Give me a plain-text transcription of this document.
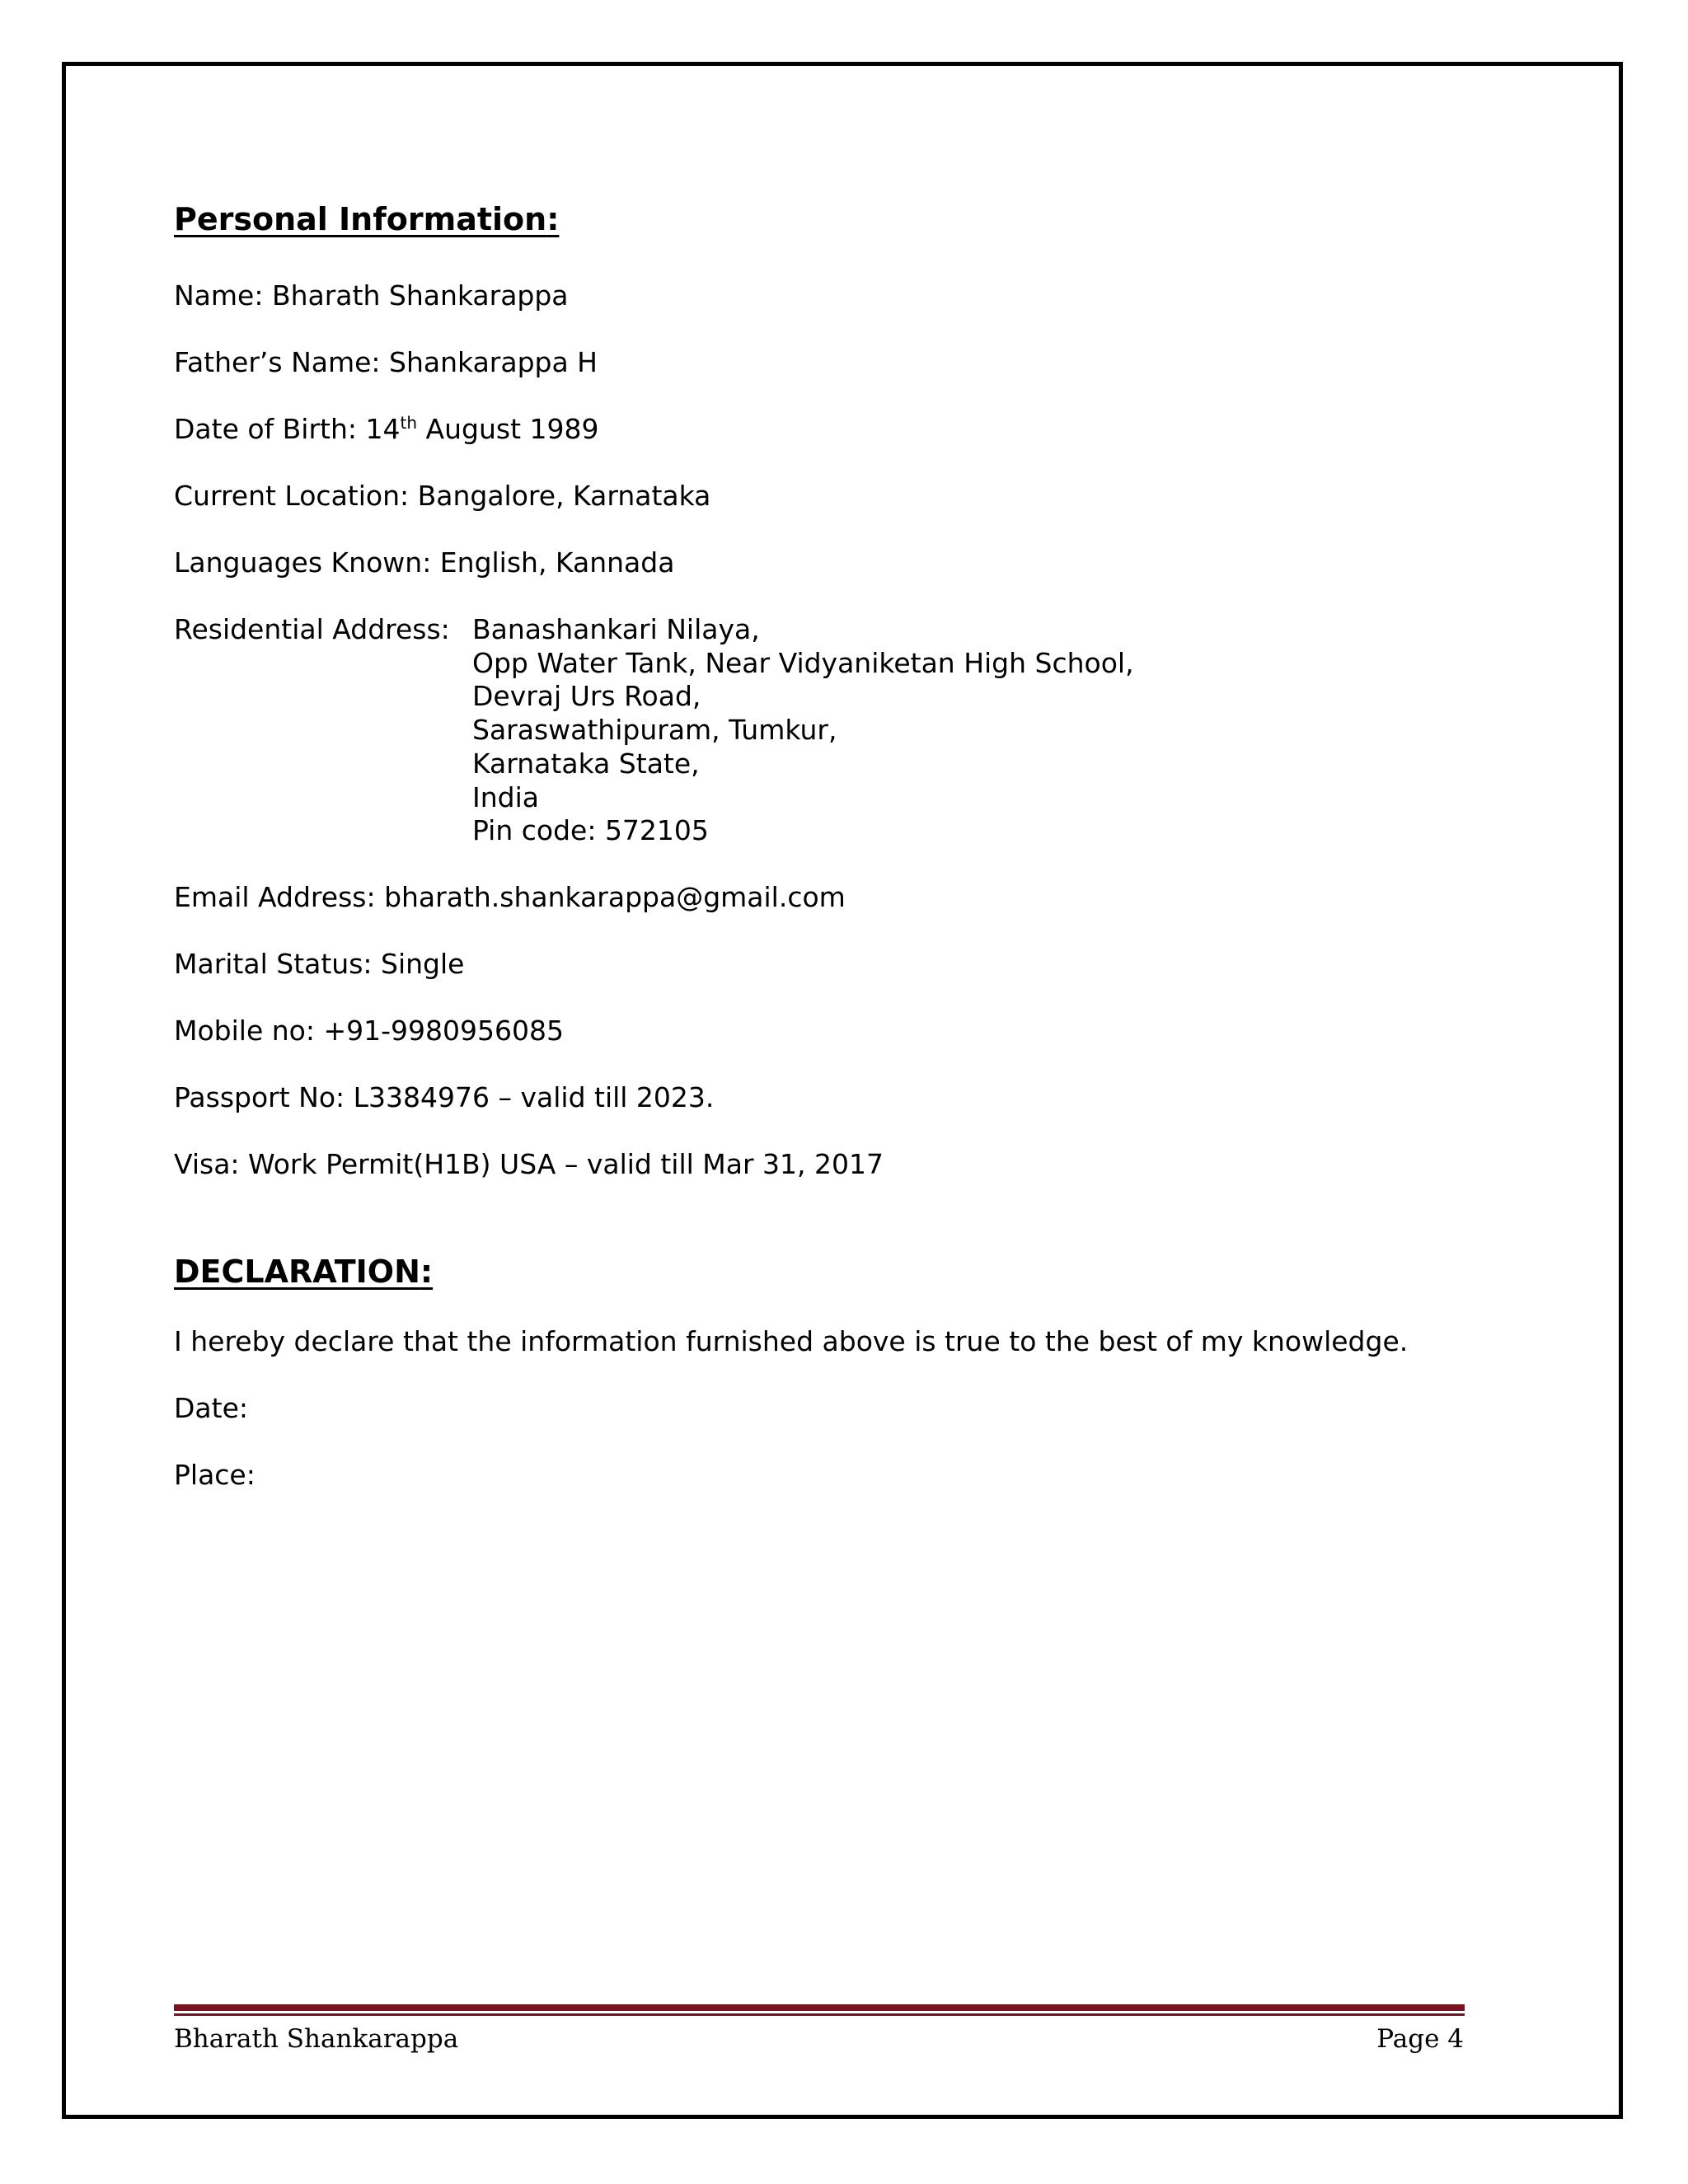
Personal Information:

Name: Bharath Shankarappa

Father’s Name: Shankarappa H

Date of Birth: 14th August 1989

Current Location: Bangalore, Karnataka

Languages Known: English, Kannada

Residential Address: Banashankari Nilaya,
Opp Water Tank, Near Vidyaniketan High School,
Devraj Urs Road,
Saraswathipuram, Tumkur,
Karnataka State,
India
Pin code: 572105

Email Address: bharath.shankarappa@gmail.com

Marital Status: Single

Mobile no: +91-9980956085

Passport No: L3384976 – valid till 2023.

Visa: Work Permit(H1B) USA – valid till Mar 31, 2017

DECLARATION:

I hereby declare that the information furnished above is true to the best of my knowledge.

Date:

Place:

Bharath Shankarappa	Page 4
